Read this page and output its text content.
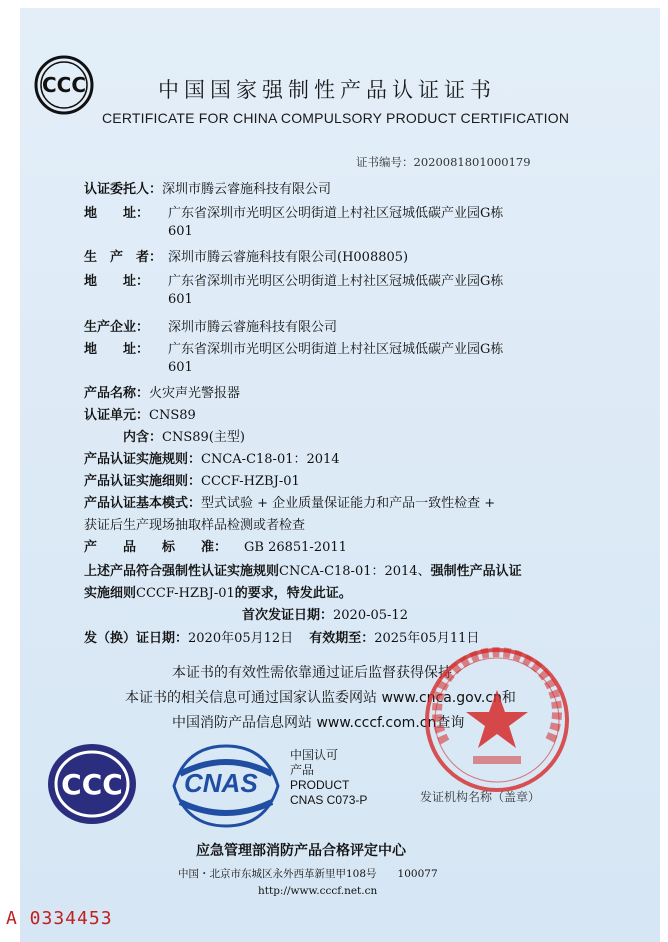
CCC	中国国家强制性产品认证证书
CERTIFICATE FOR CHINA COMPULSORY PRODUCT CERTIFICATION
证书编号：2020081801000179
认证委托人：深圳市腾云睿施科技有限公司
地　　址： 广东省深圳市光明区公明街道上村社区冠城低碳产业园G栋
601
生　产　者： 深圳市腾云睿施科技有限公司(H008805)
地　　址： 广东省深圳市光明区公明街道上村社区冠城低碳产业园G栋
601
生产企业： 深圳市腾云睿施科技有限公司
地　　址： 广东省深圳市光明区公明街道上村社区冠城低碳产业园G栋
601
产品名称：火灾声光警报器
认证单元：CNS89
　　　内含：CNS89(主型)
产品认证实施规则：CNCA-C18-01：2014
产品认证实施细则：CCCF-HZBJ-01
产品认证基本模式：型式试验 + 企业质量保证能力和产品一致性检查 +
获证后生产现场抽取样品检测或者检查
产　　品　　标　　准： GB 26851-2011
上述产品符合强制性认证实施规则CNCA-C18-01：2014、强制性产品认证
实施细则CCCF-HZBJ-01的要求，特发此证。
首次发证日期：2020-05-12
发（换）证日期：2020年05月12日 有效期至：2025年05月11日
本证书的有效性需依靠通过证后监督获得保持
本证书的相关信息可通过国家认监委网站 www.cnca.gov.cn和
中国消防产品信息网站 www.cccf.com.cn查询
CCC CNAS
中国认可
产品
PRODUCT
CNAS C073-P	发证机构名称（盖章）
应急管理部消防产品合格评定中心
中国・北京市东城区永外西革新里甲108号　　100077
http://www.cccf.net.cn
A 0334453
